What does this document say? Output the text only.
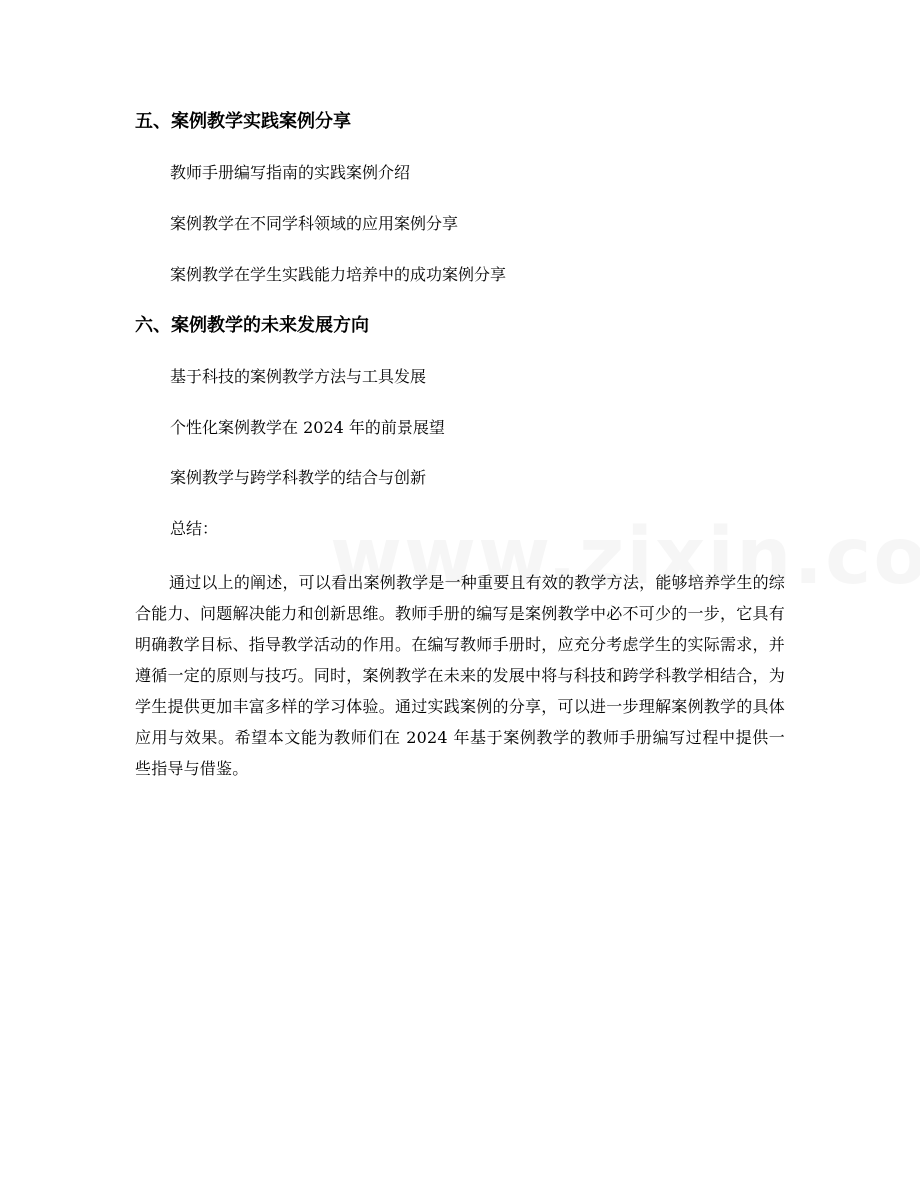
五、案例教学实践案例分享
教师手册编写指南的实践案例介绍
案例教学在不同学科领域的应用案例分享
案例教学在学生实践能力培养中的成功案例分享
六、案例教学的未来发展方向
基于科技的案例教学方法与工具发展
个性化案例教学在 2024 年的前景展望
案例教学与跨学科教学的结合与创新
总结：
通过以上的阐述，可以看出案例教学是一种重要且有效的教学方法，能够培养学生的综合能力、问题解决能力和创新思维。教师手册的编写是案例教学中必不可少的一步，它具有明确教学目标、指导教学活动的作用。在编写教师手册时，应充分考虑学生的实际需求，并遵循一定的原则与技巧。同时，案例教学在未来的发展中将与科技和跨学科教学相结合，为学生提供更加丰富多样的学习体验。通过实践案例的分享，可以进一步理解案例教学的具体应用与效果。希望本文能为教师们在 2024 年基于案例教学的教师手册编写过程中提供一些指导与借鉴。
